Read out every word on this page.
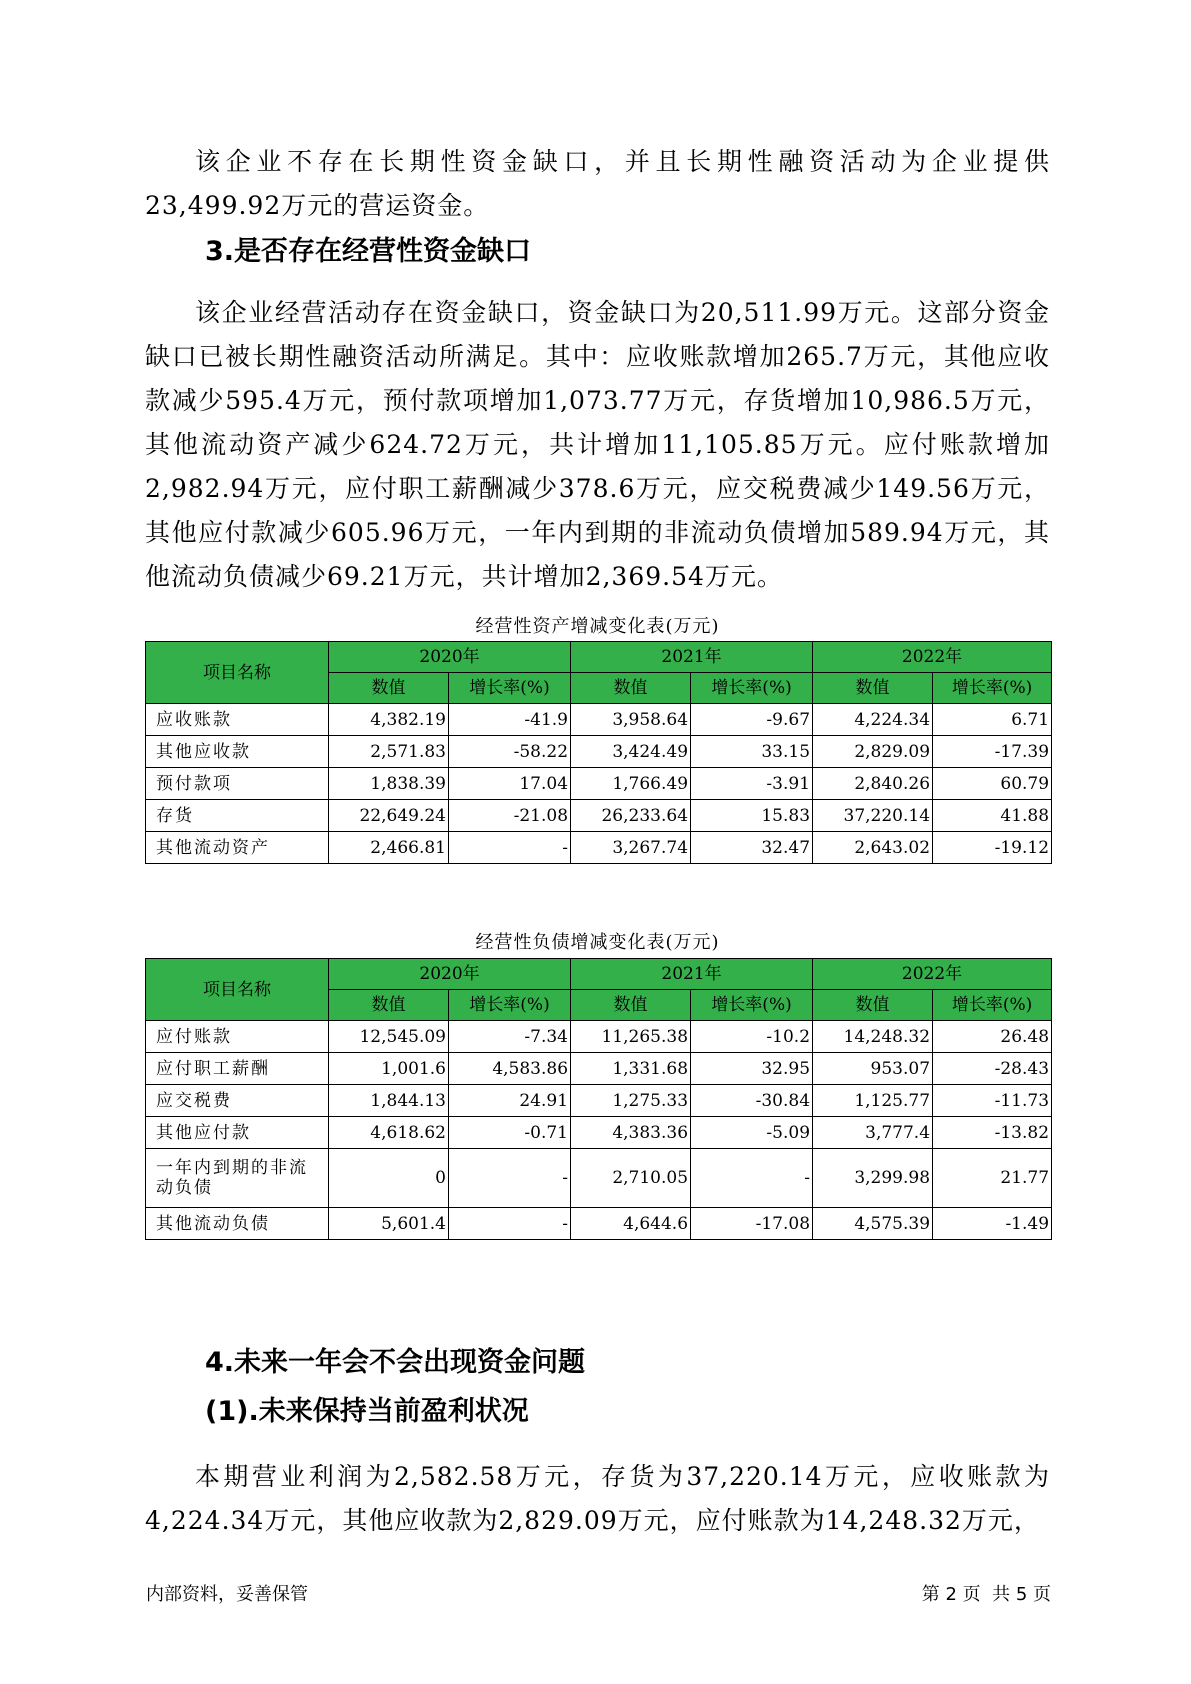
该企业不存在长期性资金缺口，并且长期性融资活动为企业提供23,499.92万元的营运资金。

3.是否存在经营性资金缺口

该企业经营活动存在资金缺口，资金缺口为20,511.99万元。这部分资金缺口已被长期性融资活动所满足。其中：应收账款增加265.7万元，其他应收款减少595.4万元，预付款项增加1,073.77万元，存货增加10,986.5万元，其他流动资产减少624.72万元，共计增加11,105.85万元。应付账款增加2,982.94万元，应付职工薪酬减少378.6万元，应交税费减少149.56万元，其他应付款减少605.96万元，一年内到期的非流动负债增加589.94万元，其他流动负债减少69.21万元，共计增加2,369.54万元。

经营性资产增减变化表(万元)
项目名称	2020年		2021年		2022年	
	数值	增长率(%)	数值	增长率(%)	数值	增长率(%)
应收账款	4,382.19	-41.9	3,958.64	-9.67	4,224.34	6.71
其他应收款	2,571.83	-58.22	3,424.49	33.15	2,829.09	-17.39
预付款项	1,838.39	17.04	1,766.49	-3.91	2,840.26	60.79
存货	22,649.24	-21.08	26,233.64	15.83	37,220.14	41.88
其他流动资产	2,466.81	-	3,267.74	32.47	2,643.02	-19.12
经营性负债增减变化表(万元)
项目名称	2020年		2021年		2022年	
	数值	增长率(%)	数值	增长率(%)	数值	增长率(%)
应付账款	12,545.09	-7.34	11,265.38	-10.2	14,248.32	26.48
应付职工薪酬	1,001.6	4,583.86	1,331.68	32.95	953.07	-28.43
应交税费	1,844.13	24.91	1,275.33	-30.84	1,125.77	-11.73
其他应付款	4,618.62	-0.71	4,383.36	-5.09	3,777.4	-13.82
一年内到期的非流动负债	0	-	2,710.05	-	3,299.98	21.77
其他流动负债	5,601.4	-	4,644.6	-17.08	4,575.39	-1.49
4.未来一年会不会出现资金问题
(1).未来保持当前盈利状况

本期营业利润为2,582.58万元，存货为37,220.14万元，应收账款为4,224.34万元，其他应收款为2,829.09万元，应付账款为14,248.32万元，

内部资料，妥善保管	第 2 页  共 5 页
